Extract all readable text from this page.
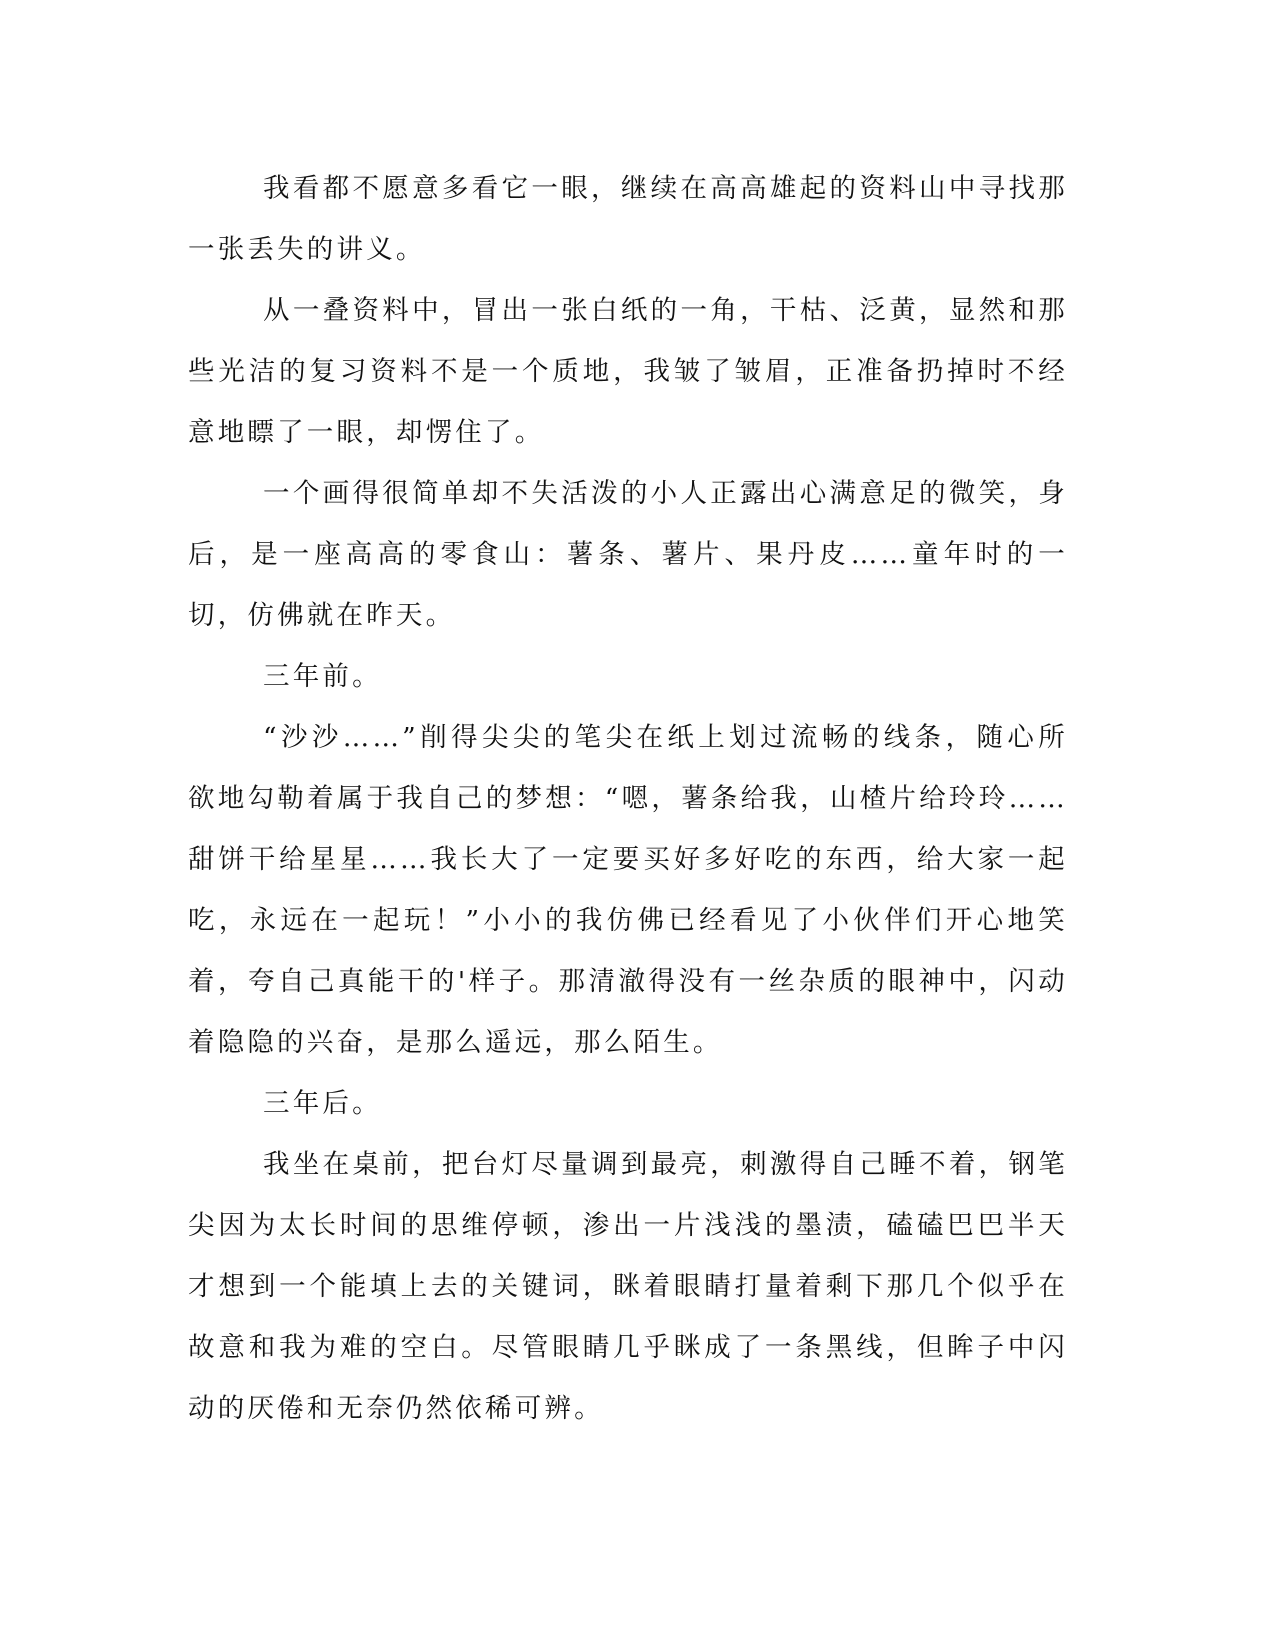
我看都不愿意多看它一眼，继续在高高雄起的资料山中寻找那一张丢失的讲义。

从一叠资料中，冒出一张白纸的一角，干枯、泛黄，显然和那些光洁的复习资料不是一个质地，我皱了皱眉，正准备扔掉时不经意地瞟了一眼，却愣住了。

一个画得很简单却不失活泼的小人正露出心满意足的微笑，身后，是一座高高的零食山：薯条、薯片、果丹皮……童年时的一切，仿佛就在昨天。

三年前。

“沙沙……”削得尖尖的笔尖在纸上划过流畅的线条，随心所欲地勾勒着属于我自己的梦想：“嗯，薯条给我，山楂片给玲玲……甜饼干给星星……我长大了一定要买好多好吃的东西，给大家一起吃，永远在一起玩！”小小的我仿佛已经看见了小伙伴们开心地笑着，夸自己真能干的'样子。那清澈得没有一丝杂质的眼神中，闪动着隐隐的兴奋，是那么遥远，那么陌生。

三年后。

我坐在桌前，把台灯尽量调到最亮，刺激得自己睡不着，钢笔尖因为太长时间的思维停顿，渗出一片浅浅的墨渍，磕磕巴巴半天才想到一个能填上去的关键词，眯着眼睛打量着剩下那几个似乎在故意和我为难的空白。尽管眼睛几乎眯成了一条黑线，但眸子中闪动的厌倦和无奈仍然依稀可辨。
